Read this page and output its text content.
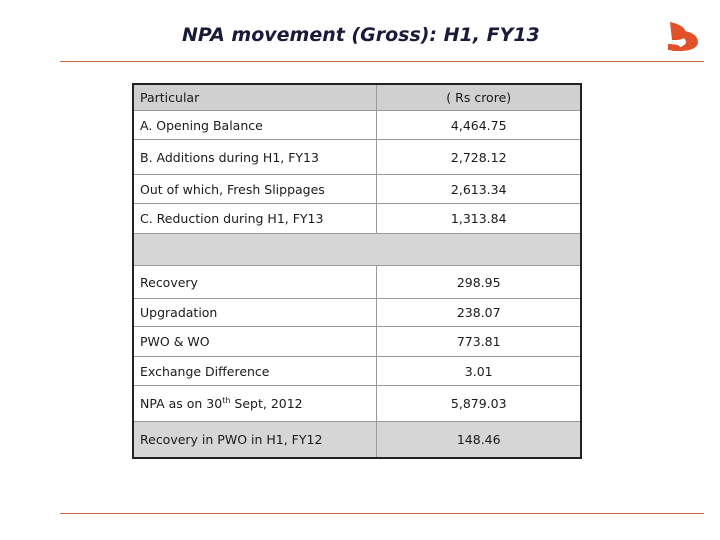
NPA movement (Gross): H1, FY13
Particular	( Rs crore)
A. Opening Balance	4,464.75
B. Additions during H1, FY13	2,728.12
Out of which, Fresh Slippages	2,613.34
C. Reduction during H1, FY13	1,313.84

Recovery	298.95
Upgradation	238.07
PWO & WO	773.81
Exchange Difference	3.01
NPA as on 30th Sept, 2012	5,879.03
Recovery in PWO in H1, FY12	148.46
